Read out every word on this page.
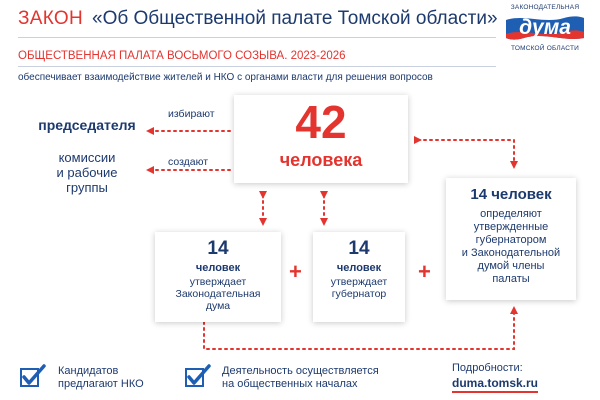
ЗАКОН «Об Общественной палате Томской области»
ЗАКОНОДАТЕЛЬНАЯ
дума
ТОМСКОЙ ОБЛАСТИ
ОБЩЕСТВЕННАЯ ПАЛАТА ВОСЬМОГО СОЗЫВА. 2023-2026
обеспечивает взаимодействие жителей и НКО с органами власти для решения вопросов
председателя
комиссии
и рабочие
группы
избирают
создают
42
человека
14
человек
утверждает
Законодательная
дума
+
14
человек
утверждает
губернатор
+
14 человек
определяют
утвержденные
губернатором
и Законодательной
думой члены
палаты
Кандидатов
предлагают НКО
Деятельность осуществляется
на общественных началах
Подробности:
duma.tomsk.ru
